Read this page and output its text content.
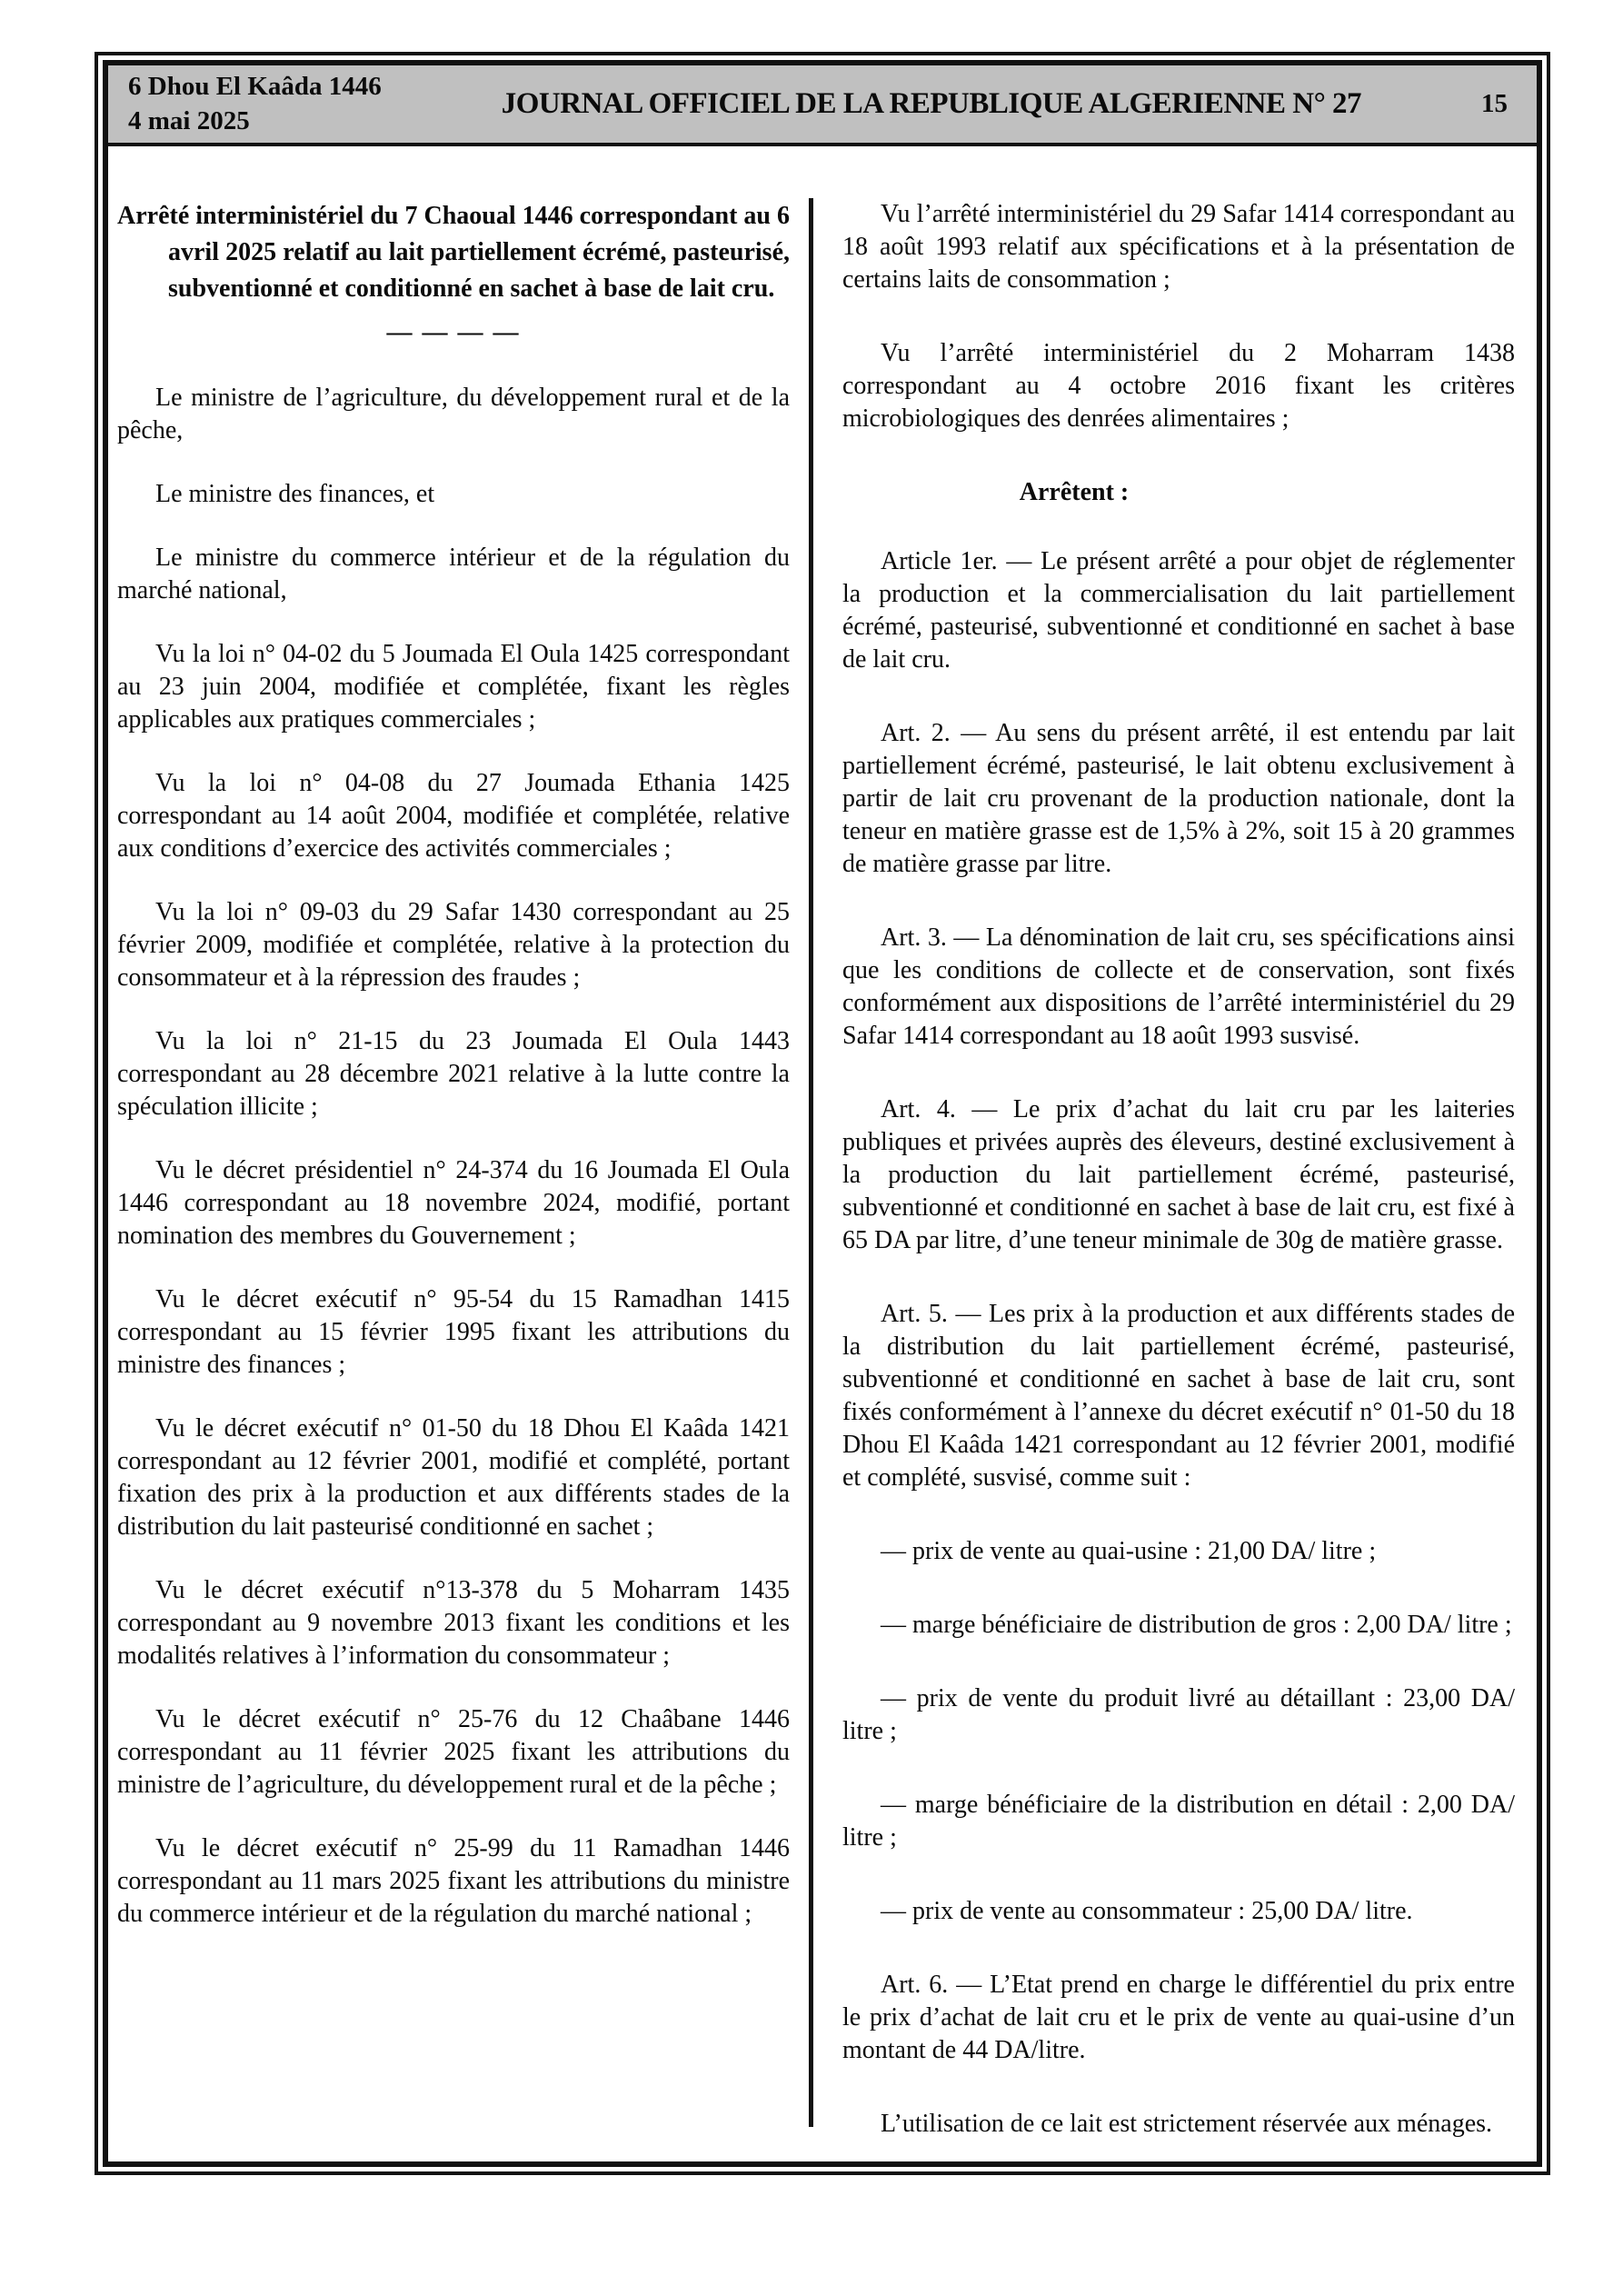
6 Dhou El Kaâda 1446
4 mai 2025
JOURNAL OFFICIEL DE LA REPUBLIQUE ALGERIENNE N° 27	15

Arrêté interministériel du 7 Chaoual 1446 correspondant au 6 avril 2025 relatif au lait partiellement écrémé, pasteurisé, subventionné et conditionné en sachet à base de lait cru.

— — — —

Le ministre de l’agriculture, du développement rural et de la pêche,

Le ministre des finances, et

Le ministre du commerce intérieur et de la régulation du marché national,

Vu la loi n° 04-02 du 5 Joumada El Oula 1425 correspondant au 23 juin 2004, modifiée et complétée, fixant les règles applicables aux pratiques commerciales ;

Vu la loi n° 04-08 du 27 Joumada Ethania 1425 correspondant au 14 août 2004, modifiée et complétée, relative aux conditions d’exercice des activités commerciales ;

Vu la loi n° 09-03 du 29 Safar 1430 correspondant au 25 février 2009, modifiée et complétée, relative à la protection du consommateur et à la répression des fraudes ;

Vu la loi n° 21-15 du 23 Joumada El Oula 1443 correspondant au 28 décembre 2021 relative à la lutte contre la spéculation illicite ;

Vu le décret présidentiel n° 24-374 du 16 Joumada El Oula 1446 correspondant au 18 novembre 2024, modifié, portant nomination des membres du Gouvernement ;

Vu le décret exécutif n° 95-54 du 15 Ramadhan 1415 correspondant au 15 février 1995 fixant les attributions du ministre des finances ;

Vu le décret exécutif n° 01-50 du 18 Dhou El Kaâda 1421 correspondant au 12 février 2001, modifié et complété, portant fixation des prix à la production et aux différents stades de la distribution du lait pasteurisé conditionné en sachet ;

Vu le décret exécutif n°13-378 du 5 Moharram 1435 correspondant au 9 novembre 2013 fixant les conditions et les modalités relatives à l’information du consommateur ;

Vu le décret exécutif n° 25-76 du 12 Chaâbane 1446 correspondant au 11 février 2025 fixant les attributions du ministre de l’agriculture, du développement rural et de la pêche ;

Vu le décret exécutif n° 25-99 du 11 Ramadhan 1446 correspondant au 11 mars 2025 fixant les attributions du ministre du commerce intérieur et de la régulation du marché national ;

Vu l’arrêté interministériel du 29 Safar 1414 correspondant au 18 août 1993 relatif aux spécifications et à la présentation de certains laits de consommation ;

Vu l’arrêté interministériel du 2 Moharram 1438 correspondant au 4 octobre 2016 fixant les critères microbiologiques des denrées alimentaires ;

Arrêtent :

Article 1er. — Le présent arrêté a pour objet de réglementer la production et la commercialisation du lait partiellement écrémé, pasteurisé, subventionné et conditionné en sachet à base de lait cru.

Art. 2. — Au sens du présent arrêté, il est entendu par lait partiellement écrémé, pasteurisé, le lait obtenu exclusivement à partir de lait cru provenant de la production nationale, dont la teneur en matière grasse est de 1,5% à 2%, soit 15 à 20 grammes de matière grasse par litre.

Art. 3. — La dénomination de lait cru, ses spécifications ainsi que les conditions de collecte et de conservation, sont fixés conformément aux dispositions de l’arrêté interministériel du 29 Safar 1414 correspondant au 18 août 1993 susvisé.

Art. 4. — Le prix d’achat du lait cru par les laiteries publiques et privées auprès des éleveurs, destiné exclusivement à la production du lait partiellement écrémé, pasteurisé, subventionné et conditionné en sachet à base de lait cru, est fixé à 65 DA par litre, d’une teneur minimale de 30g de matière grasse.

Art. 5. — Les prix à la production et aux différents stades de la distribution du lait partiellement écrémé, pasteurisé, subventionné et conditionné en sachet à base de lait cru, sont fixés conformément à l’annexe du décret exécutif n° 01-50 du 18 Dhou El Kaâda 1421 correspondant au 12 février 2001, modifié et complété, susvisé, comme suit :

— prix de vente au quai-usine : 21,00 DA/ litre ;

— marge bénéficiaire de distribution de gros : 2,00 DA/ litre ;

— prix de vente du produit livré au détaillant : 23,00 DA/ litre ;

— marge bénéficiaire de la distribution en détail : 2,00 DA/ litre ;

— prix de vente au consommateur : 25,00 DA/ litre.

Art. 6. — L’Etat prend en charge le différentiel du prix entre le prix d’achat de lait cru et le prix de vente au quai-usine d’un montant de 44 DA/litre.

L’utilisation de ce lait est strictement réservée aux ménages.
